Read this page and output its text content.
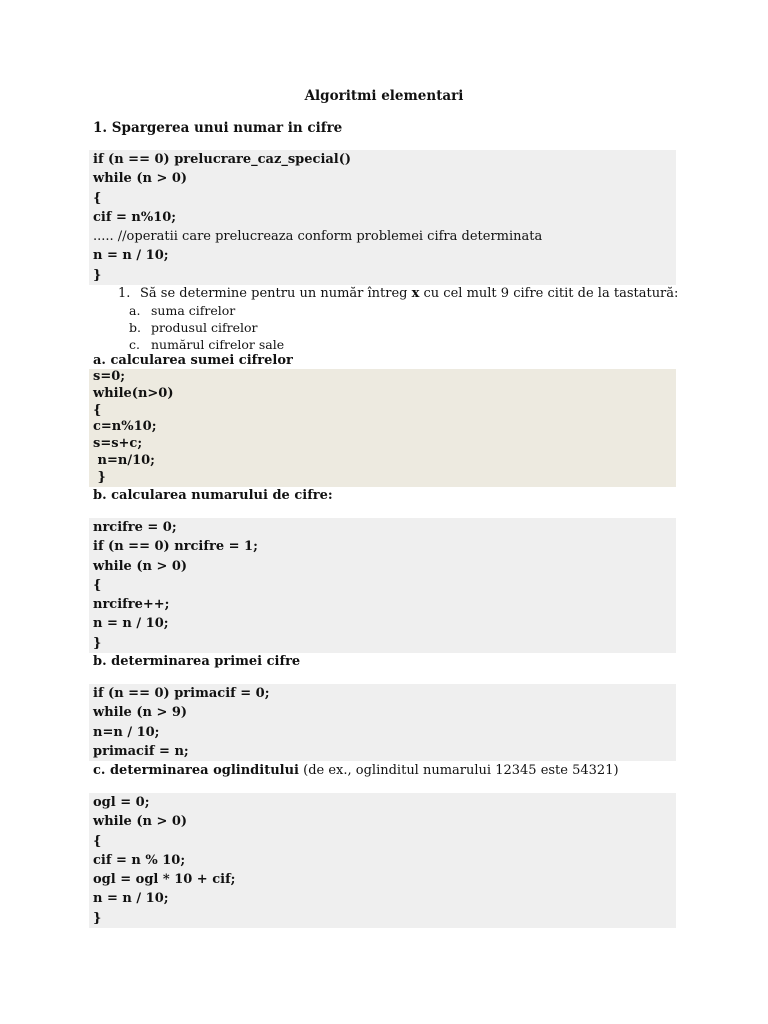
Algoritmi elementari
1. Spargerea unui numar in cifre
if (n == 0) prelucrare_caz_special()
while (n > 0)
{
cif = n%10;
..... //operatii care prelucreaza conform problemei cifra determinata
n = n / 10;
}
1. Să se determine pentru un număr întreg x cu cel mult 9 cifre citit de la tastatură:
a. suma cifrelor
b. produsul cifrelor
c. numărul cifrelor sale
a. calcularea sumei cifrelor
s=0;
while(n>0)
{
c=n%10;
s=s+c;
n=n/10;
}
b. calcularea numarului de cifre:
nrcifre = 0;
if (n == 0) nrcifre = 1;
while (n > 0)
{
nrcifre++;
n = n / 10;
}
b. determinarea primei cifre
if (n == 0) primacif = 0;
while (n > 9)
n=n / 10;
primacif = n;
c. determinarea oglinditului (de ex., oglinditul numarului 12345 este 54321)
ogl = 0;
while (n > 0)
{
cif = n % 10;
ogl = ogl * 10 + cif;
n = n / 10;
}
